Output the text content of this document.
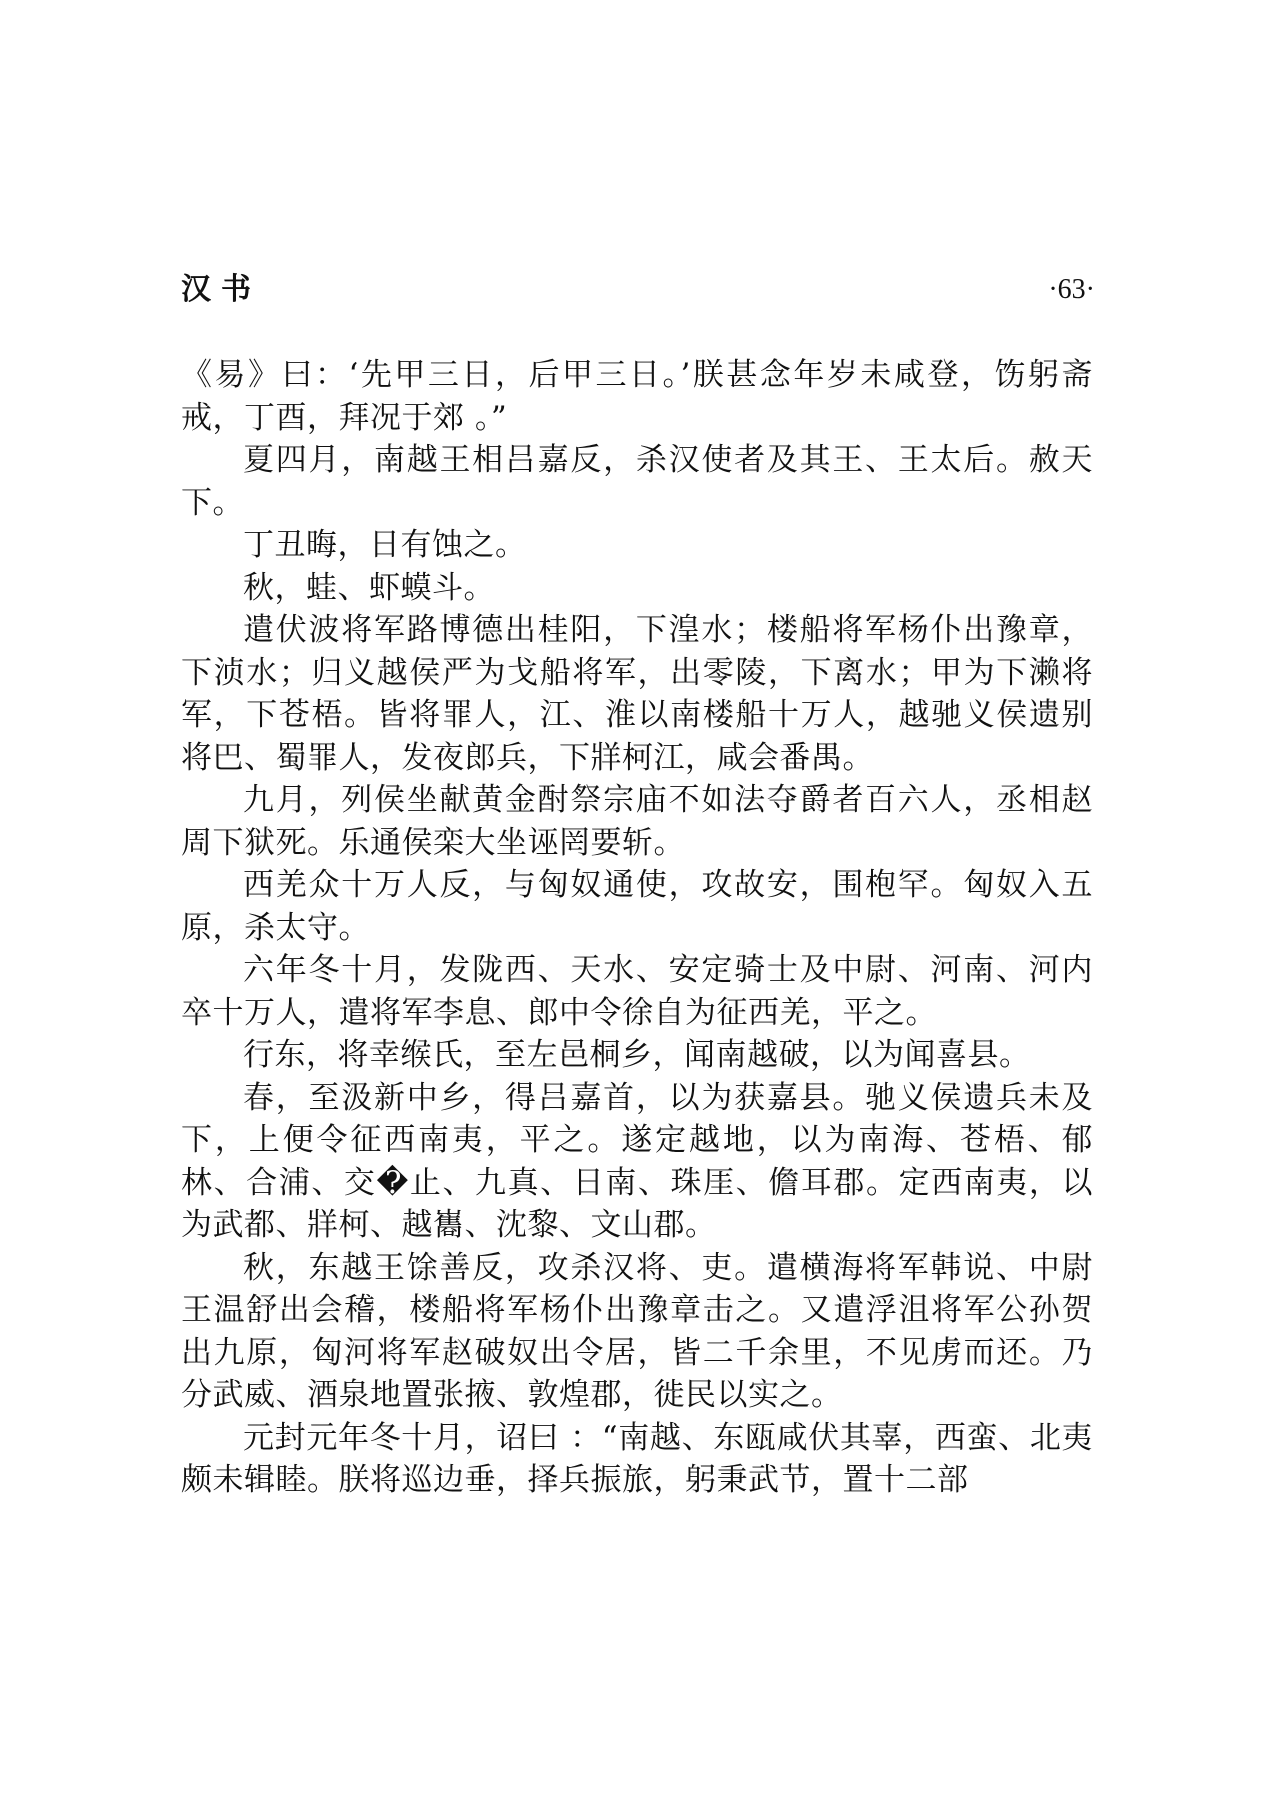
汉书	·63·

《易》曰：‘先甲三日，后甲三日。’朕甚念年岁未咸登，饬躬斋戒，丁酉，拜况于郊 。”

夏四月，南越王相吕嘉反，杀汉使者及其王、王太后。赦天下。

丁丑晦，日有蚀之。

秋，蛙、虾蟆斗。

遣伏波将军路博德出桂阳，下湟水；楼船将军杨仆出豫章，下浈水；归义越侯严为戈船将军，出零陵，下离水；甲为下濑将军，下苍梧。皆将罪人，江、淮以南楼船十万人，越驰义侯遗别将巴、蜀罪人，发夜郎兵，下牂柯江，咸会番禺。

九月，列侯坐献黄金酎祭宗庙不如法夺爵者百六人，丞相赵周下狱死。乐通侯栾大坐诬罔要斩。

西羌众十万人反，与匈奴通使，攻故安，围枹罕。匈奴入五原，杀太守。

六年冬十月，发陇西、天水、安定骑士及中尉、河南、河内卒十万人，遣将军李息、郎中令徐自为征西羌，平之。

行东，将幸缑氏，至左邑桐乡，闻南越破，以为闻喜县。

春，至汲新中乡，得吕嘉首，以为获嘉县。驰义侯遗兵未及下，上便令征西南夷，平之。遂定越地，以为南海、苍梧、郁林、合浦、交�止、九真、日南、珠厓、儋耳郡。定西南夷，以为武都、牂柯、越巂、沈黎、文山郡。

秋，东越王馀善反，攻杀汉将、吏。遣横海将军韩说、中尉王温舒出会稽，楼船将军杨仆出豫章击之。又遣浮沮将军公孙贺出九原，匈河将军赵破奴出令居，皆二千余里，不见虏而还。乃分武威、酒泉地置张掖、敦煌郡，徙民以实之。

元封元年冬十月，诏曰 ：“南越、东瓯咸伏其辜，西蛮、北夷颇未辑睦。朕将巡边垂，择兵振旅，躬秉武节，置十二部
